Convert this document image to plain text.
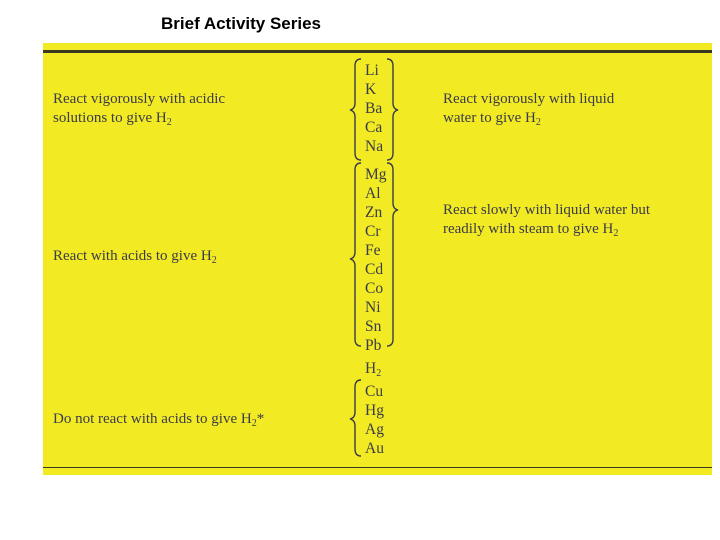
Brief Activity Series
Li
K
Ba
Ca
Na
Mg
Al
Zn
Cr
Fe
Cd
Co
Ni
Sn
Pb
$H_2$
Cu
Hg
Ag
Au
React vigorously with acidic
solutions to give $H_2$
React vigorously with liquid
water to give $H_2$
React slowly with liquid water but
readily with steam to give $H_2$
React with acids to give $H_2$
Do not react with acids to give $H_2*$
